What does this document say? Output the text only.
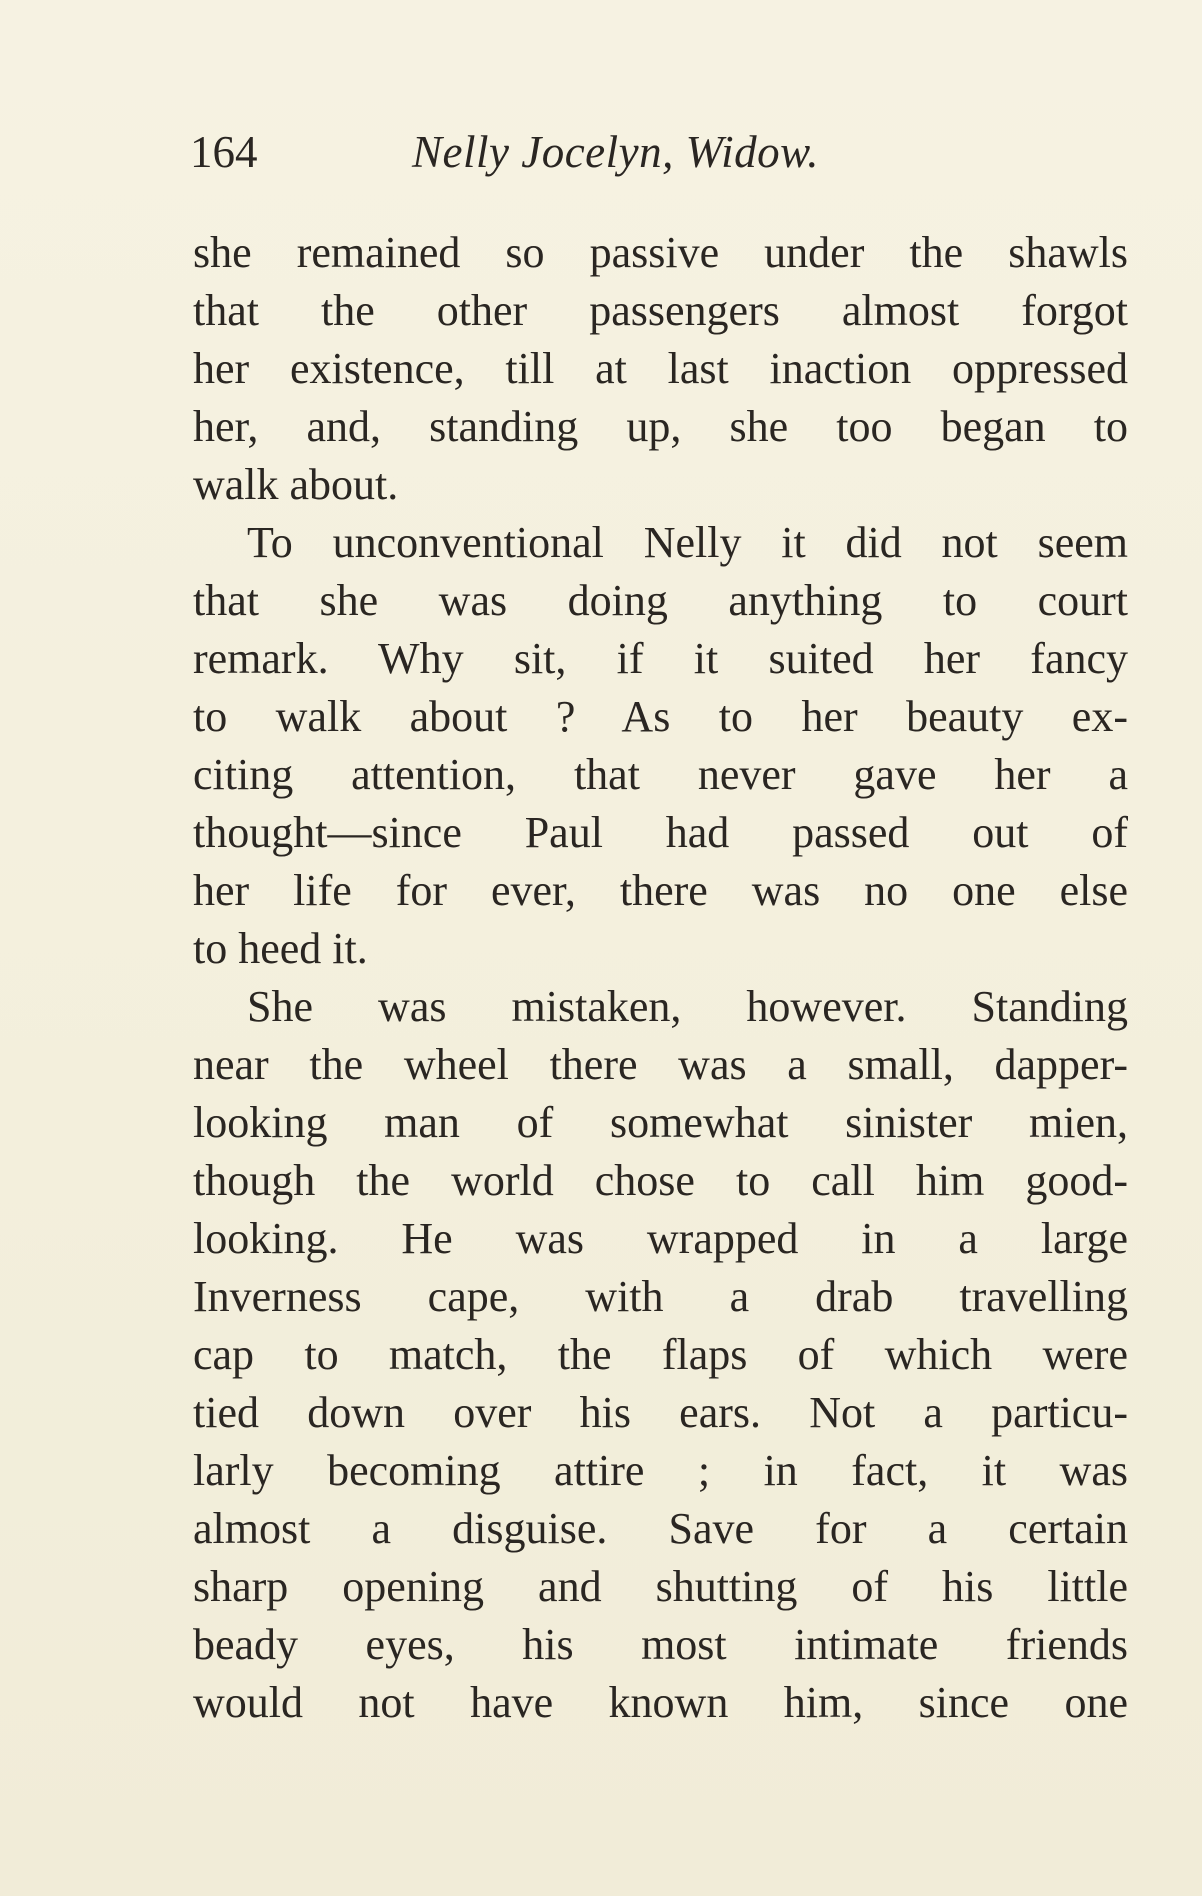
164	Nelly Jocelyn, Widow.
she remained so passive under the shawls
that the other passengers almost forgot
her existence, till at last inaction oppressed
her, and, standing up, she too began to
walk about.
To unconventional Nelly it did not seem
that she was doing anything to court
remark. Why sit, if it suited her fancy
to walk about ? As to her beauty ex-
citing attention, that never gave her a
thought—since Paul had passed out of
her life for ever, there was no one else
to heed it.
She was mistaken, however. Standing
near the wheel there was a small, dapper-
looking man of somewhat sinister mien,
though the world chose to call him good-
looking. He was wrapped in a large
Inverness cape, with a drab travelling
cap to match, the flaps of which were
tied down over his ears. Not a particu-
larly becoming attire ; in fact, it was
almost a disguise. Save for a certain
sharp opening and shutting of his little
beady eyes, his most intimate friends
would not have known him, since one
